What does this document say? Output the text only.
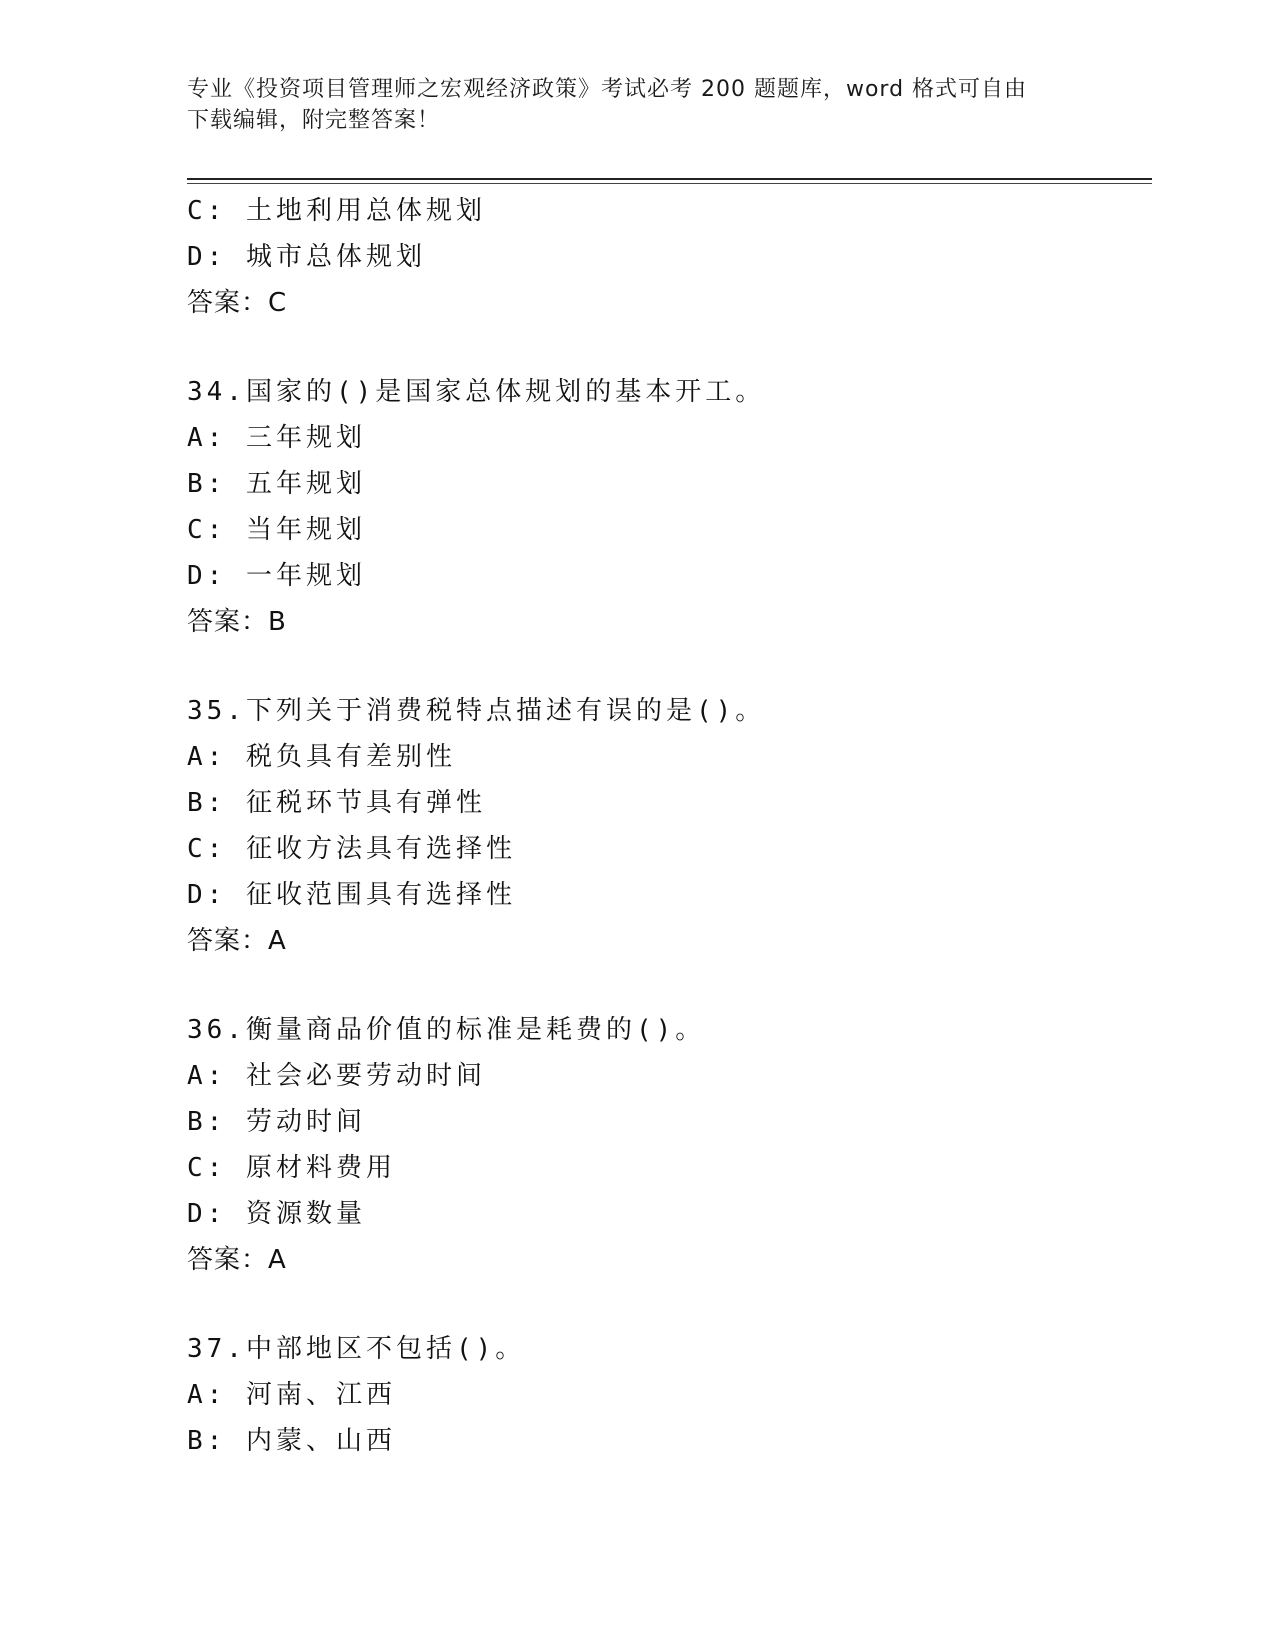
专业《投资项目管理师之宏观经济政策》考试必考 200 题题库，word 格式可自由
下载编辑，附完整答案！
C: 土地利用总体规划
D: 城市总体规划
答案：C
34.国家的()是国家总体规划的基本开工。
A: 三年规划
B: 五年规划
C: 当年规划
D: 一年规划
答案：B
35.下列关于消费税特点描述有误的是()。
A: 税负具有差别性
B: 征税环节具有弹性
C: 征收方法具有选择性
D: 征收范围具有选择性
答案：A
36.衡量商品价值的标准是耗费的()。
A: 社会必要劳动时间
B: 劳动时间
C: 原材料费用
D: 资源数量
答案：A
37.中部地区不包括()。
A: 河南、江西
B: 内蒙、山西
